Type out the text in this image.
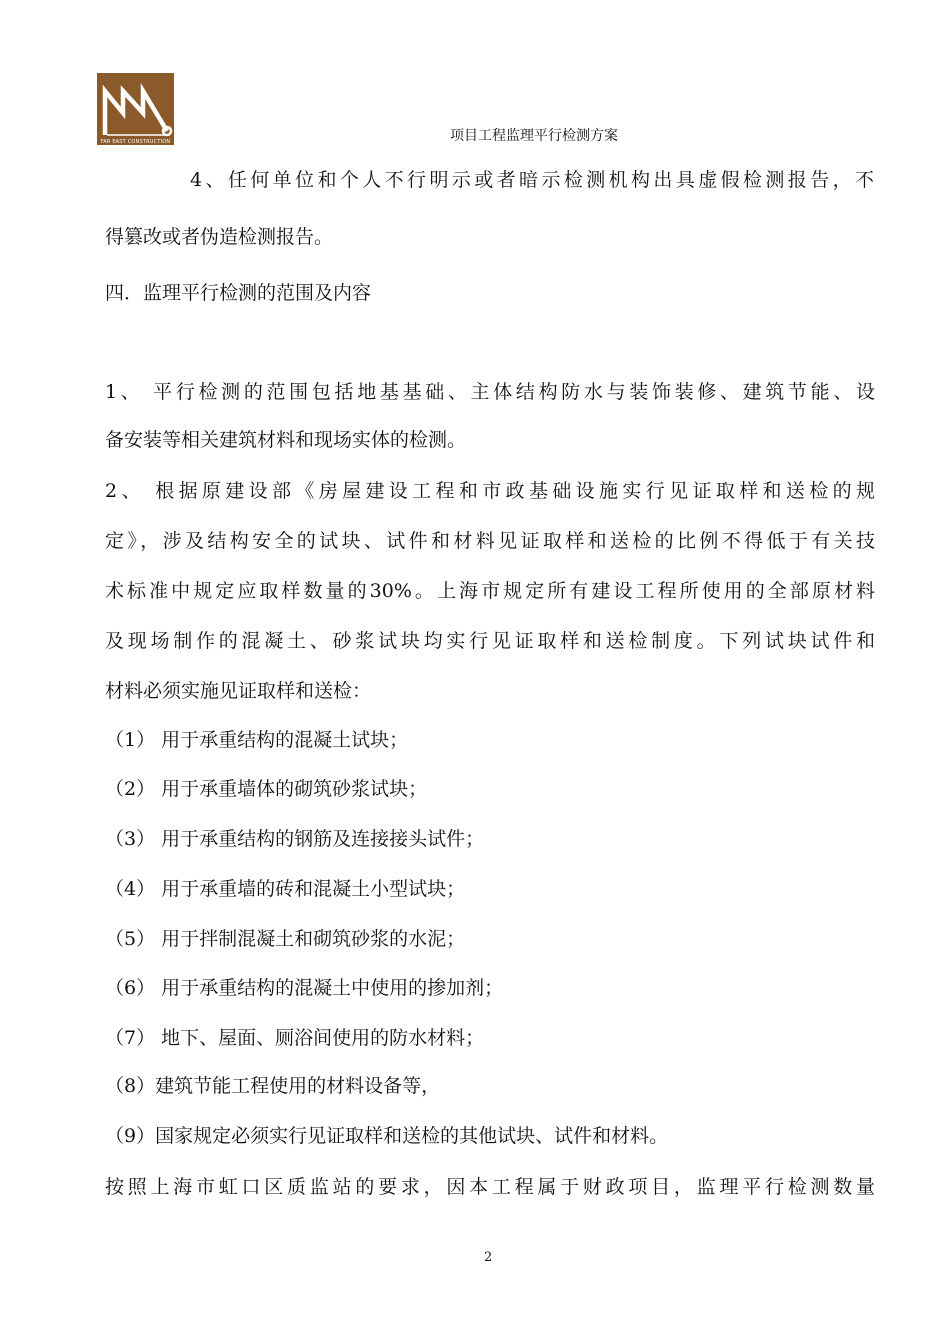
FAR EAST CONSTRUCTION	项目工程监理平行检测方案
4、任何单位和个人不行明示或者暗示检测机构出具虚假检测报告，不
得篡改或者伪造检测报告。
四．监理平行检测的范围及内容
1、 平行检测的范围包括地基基础、主体结构防水与装饰装修、建筑节能、设
备安装等相关建筑材料和现场实体的检测。
2、 根据原建设部《房屋建设工程和市政基础设施实行见证取样和送检的规
定》，涉及结构安全的试块、试件和材料见证取样和送检的比例不得低于有关技
术标准中规定应取样数量的30%。上海市规定所有建设工程所使用的全部原材料
及现场制作的混凝土、砂浆试块均实行见证取样和送检制度。下列试块试件和
材料必须实施见证取样和送检：
（1） 用于承重结构的混凝土试块；
（2） 用于承重墙体的砌筑砂浆试块；
（3） 用于承重结构的钢筋及连接接头试件；
（4） 用于承重墙的砖和混凝土小型试块；
（5） 用于拌制混凝土和砌筑砂浆的水泥；
（6） 用于承重结构的混凝土中使用的掺加剂；
（7） 地下、屋面、厕浴间使用的防水材料；
（8）建筑节能工程使用的材料设备等，
（9）国家规定必须实行见证取样和送检的其他试块、试件和材料。
按照上海市虹口区质监站的要求，因本工程属于财政项目，监理平行检测数量
2
